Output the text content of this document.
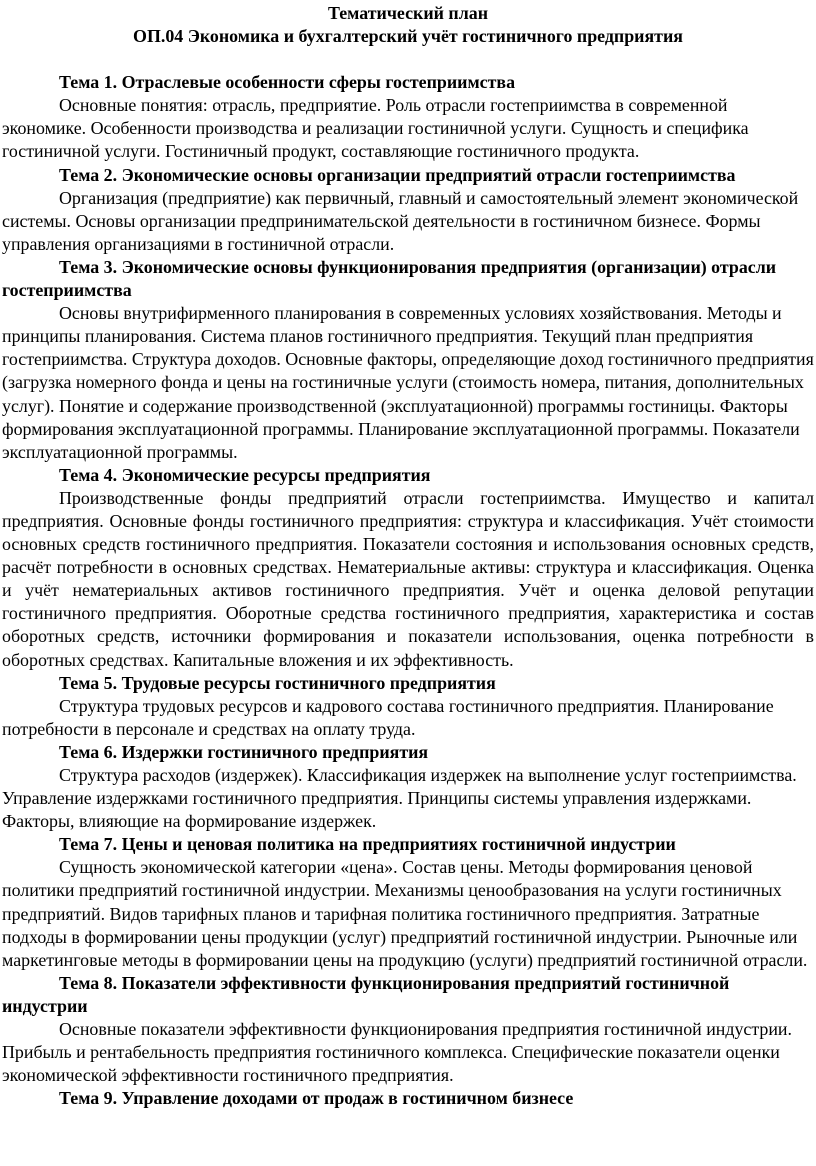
Тематический план

ОП.04 Экономика и бухгалтерский учёт гостиничного предприятия

Тема 1. Отраслевые особенности сферы гостеприимства

Основные понятия: отрасль, предприятие. Роль отрасли гостеприимства в современной экономике. Особенности производства и реализации гостиничной услуги. Сущность и специфика гостиничной услуги. Гостиничный продукт, составляющие гостиничного продукта.

Тема 2. Экономические основы организации предприятий отрасли гостеприимства

Организация (предприятие) как первичный, главный и самостоятельный элемент экономической системы. Основы организации предпринимательской деятельности в гостиничном бизнесе. Формы управления организациями в гостиничной отрасли.

Тема 3. Экономические основы функционирования предприятия (организации) отрасли гостеприимства

Основы внутрифирменного планирования в современных условиях хозяйствования. Методы и принципы планирования. Система планов гостиничного предприятия. Текущий план предприятия гостеприимства. Структура доходов. Основные факторы, определяющие доход гостиничного предприятия (загрузка номерного фонда и цены на гостиничные услуги (стоимость номера, питания, дополнительных услуг). Понятие и содержание производственной (эксплуатационной) программы гостиницы. Факторы формирования эксплуатационной программы. Планирование эксплуатационной программы. Показатели эксплуатационной программы.

Тема 4. Экономические ресурсы предприятия

Производственные фонды предприятий отрасли гостеприимства. Имущество и капитал предприятия. Основные фонды гостиничного предприятия: структура и классификация. Учёт стоимости основных средств гостиничного предприятия. Показатели состояния и использования основных средств, расчёт потребности в основных средствах. Нематериальные активы: структура и классификация. Оценка и учёт нематериальных активов гостиничного предприятия. Учёт и оценка деловой репутации гостиничного предприятия. Оборотные средства гостиничного предприятия, характеристика и состав оборотных средств, источники формирования и показатели использования, оценка потребности в оборотных средствах. Капитальные вложения и их эффективность.

Тема 5. Трудовые ресурсы гостиничного предприятия

Структура трудовых ресурсов и кадрового состава гостиничного предприятия. Планирование потребности в персонале и средствах на оплату труда.

Тема 6. Издержки гостиничного предприятия

Структура расходов (издержек). Классификация издержек на выполнение услуг гостеприимства. Управление издержками гостиничного предприятия. Принципы системы управления издержками. Факторы, влияющие на формирование издержек.

Тема 7. Цены и ценовая политика на предприятиях гостиничной индустрии

Сущность экономической категории «цена». Состав цены. Методы формирования ценовой политики предприятий гостиничной индустрии. Механизмы ценообразования на услуги гостиничных предприятий. Видов тарифных планов и тарифная политика гостиничного предприятия. Затратные подходы в формировании цены продукции (услуг) предприятий гостиничной индустрии. Рыночные или маркетинговые методы в формировании цены на продукцию (услуги) предприятий гостиничной отрасли.

Тема 8. Показатели эффективности функционирования предприятий гостиничной индустрии

Основные показатели эффективности функционирования предприятия гостиничной индустрии. Прибыль и рентабельность предприятия гостиничного комплекса. Специфические показатели оценки экономической эффективности гостиничного предприятия.

Тема 9. Управление доходами от продаж в гостиничном бизнесе
